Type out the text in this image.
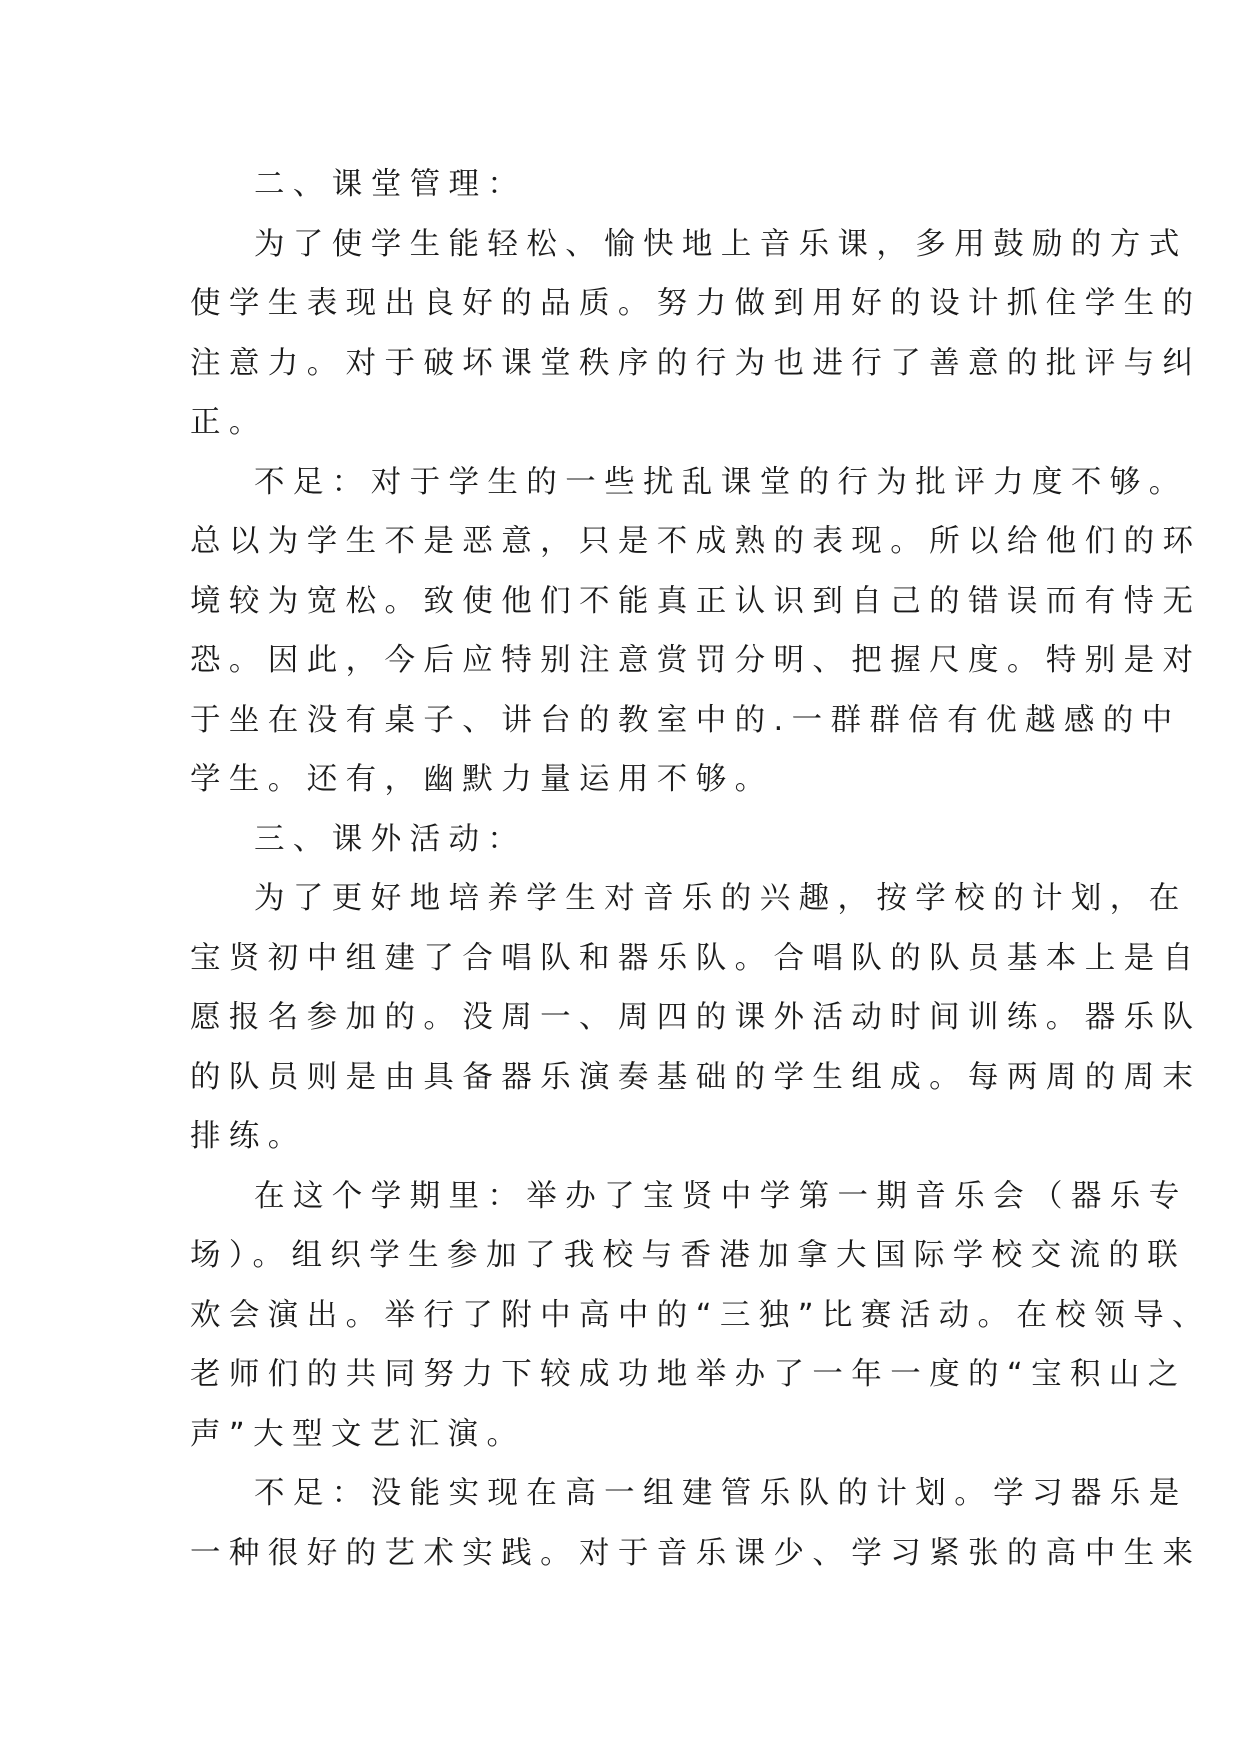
二、课堂管理：
为了使学生能轻松、愉快地上音乐课，多用鼓励的方式
使学生表现出良好的品质。努力做到用好的设计抓住学生的
注意力。对于破坏课堂秩序的行为也进行了善意的批评与纠
正。
不足：对于学生的一些扰乱课堂的行为批评力度不够。
总以为学生不是恶意，只是不成熟的表现。所以给他们的环
境较为宽松。致使他们不能真正认识到自己的错误而有恃无
恐。因此，今后应特别注意赏罚分明、把握尺度。特别是对
于坐在没有桌子、讲台的教室中的.一群群倍有优越感的中
学生。还有，幽默力量运用不够。
三、课外活动：
为了更好地培养学生对音乐的兴趣，按学校的计划，在
宝贤初中组建了合唱队和器乐队。合唱队的队员基本上是自
愿报名参加的。没周一、周四的课外活动时间训练。器乐队
的队员则是由具备器乐演奏基础的学生组成。每两周的周末
排练。
在这个学期里：举办了宝贤中学第一期音乐会（器乐专
场）。组织学生参加了我校与香港加拿大国际学校交流的联
欢会演出。举行了附中高中的“三独”比赛活动。在校领导、
老师们的共同努力下较成功地举办了一年一度的“宝积山之
声”大型文艺汇演。
不足：没能实现在高一组建管乐队的计划。学习器乐是
一种很好的艺术实践。对于音乐课少、学习紧张的高中生来
